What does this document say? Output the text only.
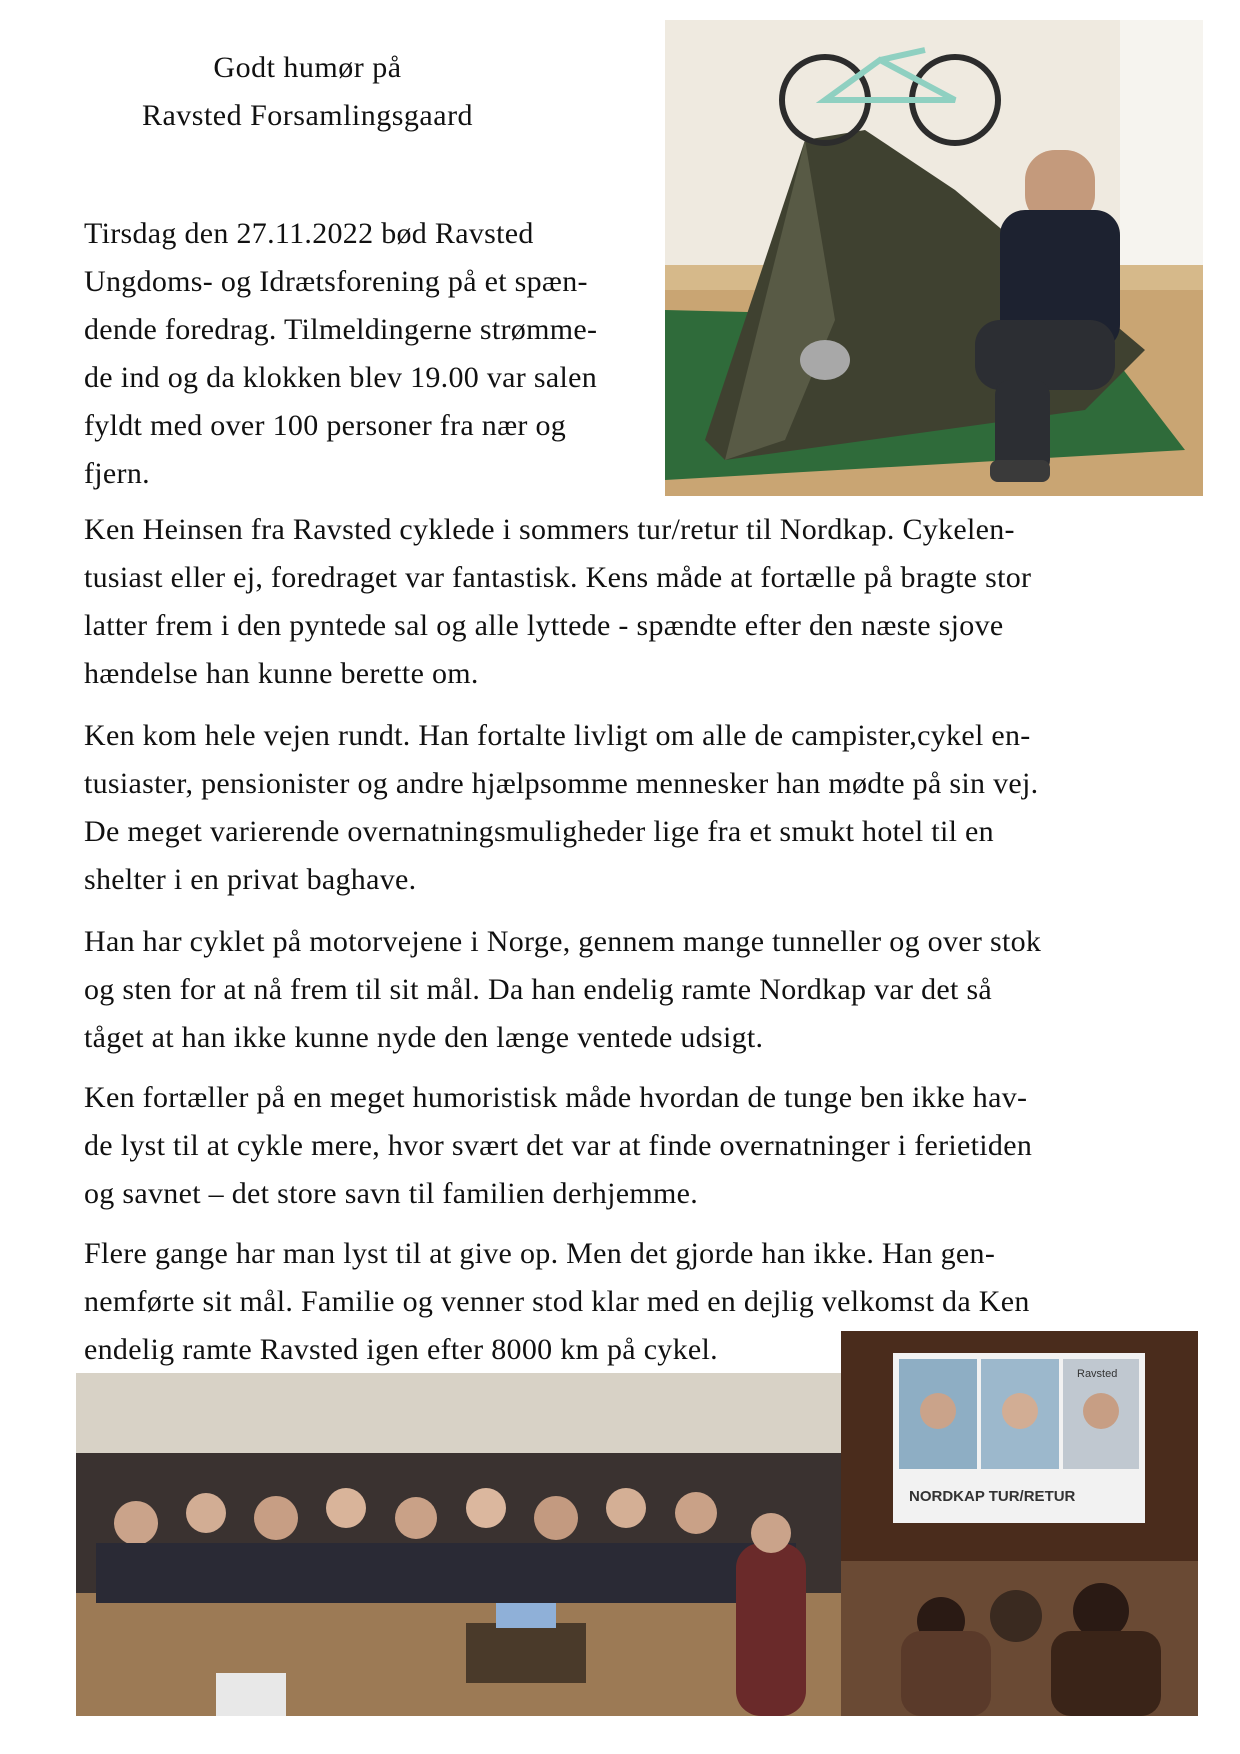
Godt humør på
Ravsted Forsamlingsgaard
Tirsdag den 27.11.2022 bød Ravsted
Ungdoms- og Idrætsforening på et spæn-
dende foredrag. Tilmeldingerne strømme-
de ind og da klokken blev 19.00 var salen
fyldt med over 100 personer fra nær og
fjern.
Ken Heinsen fra Ravsted cyklede i sommers tur/retur til Nordkap. Cykelen-
tusiast eller ej, foredraget var fantastisk. Kens måde at fortælle på bragte stor
latter frem i den pyntede sal og alle lyttede - spændte efter den næste sjove
hændelse han kunne berette om.
Ken kom hele vejen rundt. Han fortalte livligt om alle de campister,cykel en-
tusiaster, pensionister og andre hjælpsomme mennesker han mødte på sin vej.
De meget varierende overnatningsmuligheder lige fra et smukt hotel til en
shelter i en privat baghave.
Han har cyklet på motorvejene i Norge, gennem mange tunneller og over stok
og sten for at nå frem til sit mål. Da han endelig ramte Nordkap var det så
tåget at han ikke kunne nyde den længe ventede udsigt.
Ken fortæller på en meget humoristisk måde hvordan de tunge ben ikke hav-
de lyst til at cykle mere, hvor svært det var at finde overnatninger i ferietiden
og savnet – det store savn til familien derhjemme.
Flere gange har man lyst til at give op. Men det gjorde han ikke. Han gen-
nemførte sit mål. Familie og venner stod klar med en dejlig velkomst da Ken
endelig ramte Ravsted igen efter 8000 km på cykel.
Ravsted
NORDKAP TUR/RETUR
